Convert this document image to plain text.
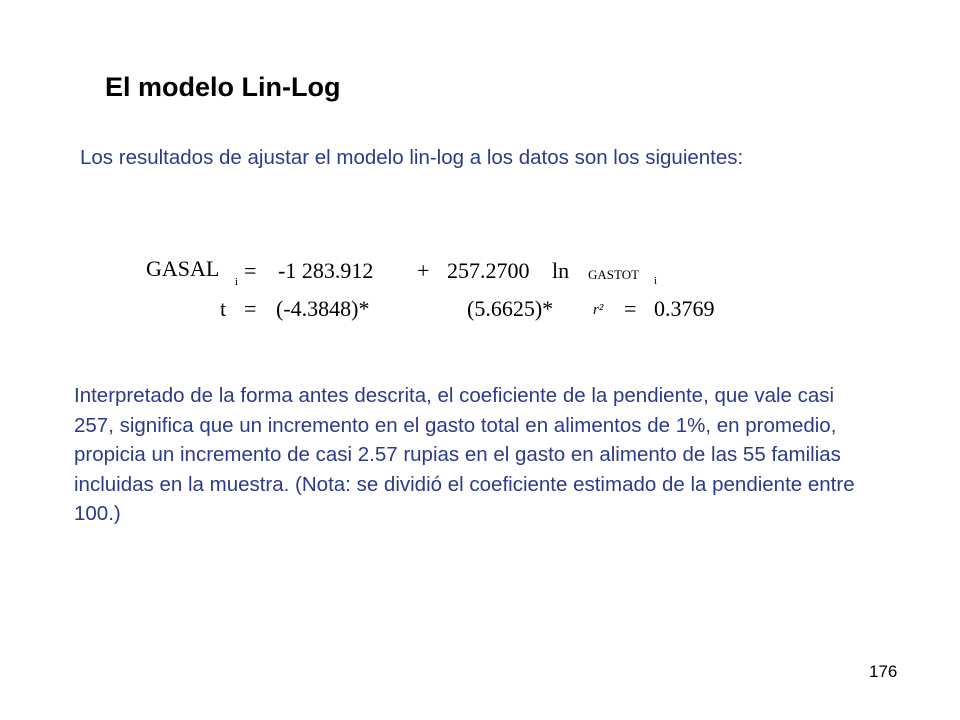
El modelo Lin-Log
Los resultados de ajustar el modelo lin-log a los datos son los siguientes:
GASAL
i = -1 283.912 + 257.2700 ln GASTOT i
t = (-4.3848)*	(5.6625)*	r² = 0.3769
Interpretado de la forma antes descrita, el coeficiente de la pendiente, que vale casi 257, significa que un incremento en el gasto total en alimentos de 1%, en promedio, propicia un incremento de casi 2.57 rupias en el gasto en alimento de las 55 familias incluidas en la muestra. (Nota: se dividió el coeficiente estimado de la pendiente entre 100.)
176
